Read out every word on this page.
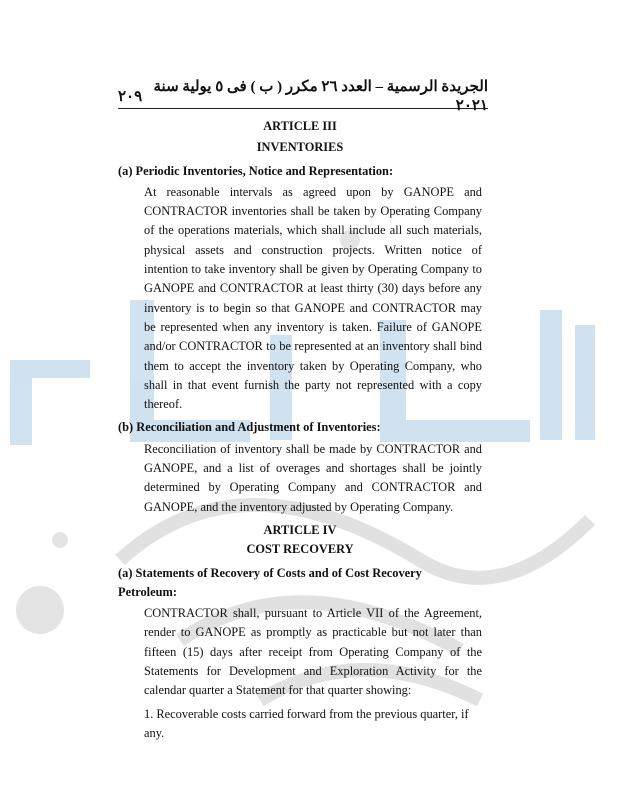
الجريدة الرسمية – العدد ٢٦ مكرر ( ب ) فى ٥ يولية سنة ٢٠٢١
٢٠٩

ARTICLE III

INVENTORIES

(a) Periodic Inventories, Notice and Representation:

At reasonable intervals as agreed upon by GANOPE and CONTRACTOR inventories shall be taken by Operating Company of the operations materials, which shall include all such materials, physical assets and construction projects. Written notice of intention to take inventory shall be given by Operating Company to GANOPE and CONTRACTOR at least thirty (30) days before any inventory is to begin so that GANOPE and CONTRACTOR may be represented when any inventory is taken. Failure of GANOPE and/or CONTRACTOR to be represented at an inventory shall bind them to accept the inventory taken by Operating Company, who shall in that event furnish the party not represented with a copy thereof.

(b) Reconciliation and Adjustment of Inventories:

Reconciliation of inventory shall be made by CONTRACTOR and GANOPE, and a list of overages and shortages shall be jointly determined by Operating Company and CONTRACTOR and GANOPE, and the inventory adjusted by Operating Company.

ARTICLE IV

COST RECOVERY

(a) Statements of Recovery of Costs and of Cost Recovery Petroleum:

CONTRACTOR shall, pursuant to Article VII of the Agreement, render to GANOPE as promptly as practicable but not later than fifteen (15) days after receipt from Operating Company of the Statements for Development and Exploration Activity for the calendar quarter a Statement for that quarter showing:

1. Recoverable costs carried forward from the previous quarter, if any.
